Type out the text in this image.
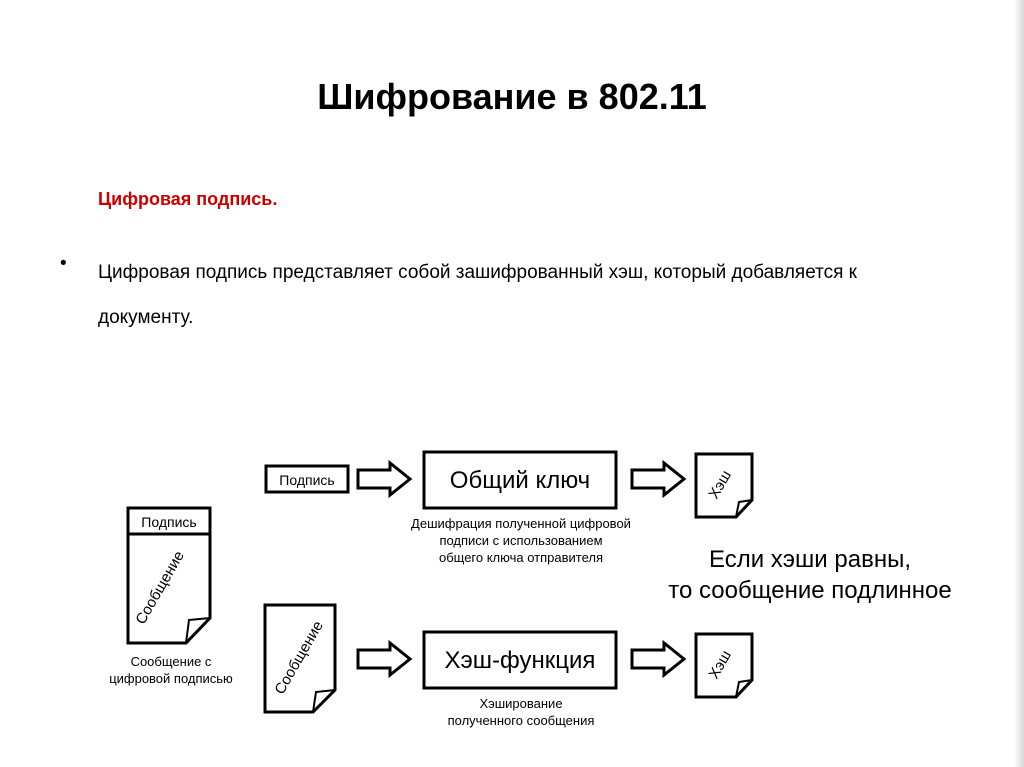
Шифрование в 802.11
Цифровая подпись.
• Цифровая подпись представляет собой зашифрованный хэш, который добавляется к документу.
Подпись
Сообщение
Сообщение с
цифровой подписью
Подпись	Общий ключ
Дешифрация полученной цифровой
подписи с использованием
общего ключа отправителя
Хэш
Сообщение	Хэш-функция
Хэширование
полученного сообщения
Хэш
Если хэши равны,
то сообщение подлинное
